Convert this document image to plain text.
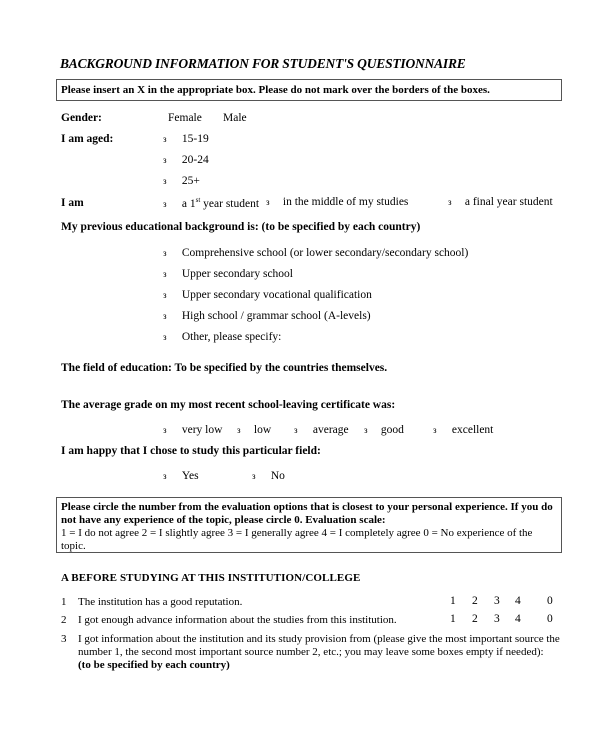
BACKGROUND INFORMATION FOR STUDENT'S QUESTIONNAIRE
Please insert an X in the appropriate box. Please do not mark over the borders of the boxes.
Gender:	Female Male
I am aged:	з 15-19
з 20-24
з 25+
I am	з a 1st year student з in the middle of my studies	з a final year student
My previous educational background is: (to be specified by each country)
з Comprehensive school (or lower secondary/secondary school)
з Upper secondary school
з Upper secondary vocational qualification
з High school / grammar school (A-levels)
з Other, please specify:
The field of education: To be specified by the countries themselves.
The average grade on my most recent school-leaving certificate was:
з very low з low	з average з good	з excellent
I am happy that I chose to study this particular field:
з Yes	з No
Please circle the number from the evaluation options that is closest to your personal experience. If you do
not have any experience of the topic, please circle 0. Evaluation scale:
1 = I do not agree 2 = I slightly agree 3 = I generally agree 4 = I completely agree 0 = No experience of the
topic.
A BEFORE STUDYING AT THIS INSTITUTION/COLLEGE
1 The institution has a good reputation.	1 2 3 4 0
2 I got enough advance information about the studies from this institution.	1 2 3 4 0
3 I got information about the institution and its study provision from (please give the most important source the
number 1, the second most important source number 2, etc.; you may leave some boxes empty if needed):
(to be specified by each country)
